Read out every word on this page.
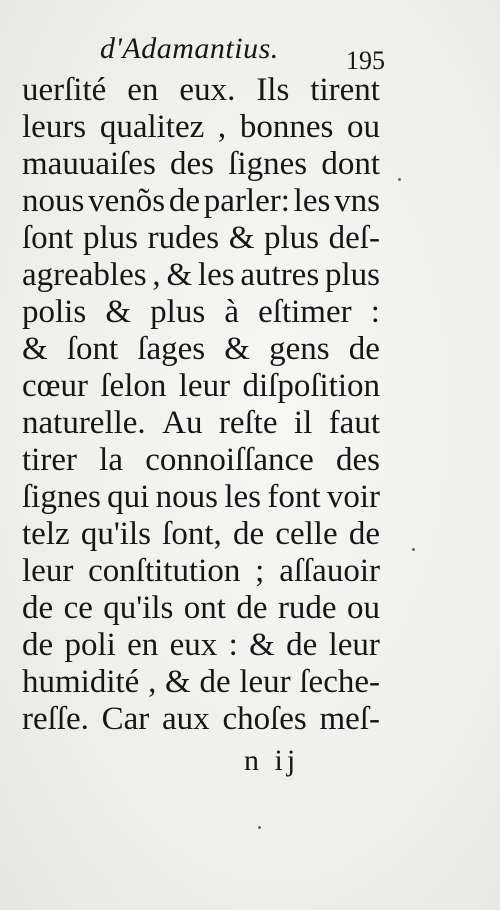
d'Adamantius.	195
uerſité en eux. Ils tirent
leurs qualitez , bonnes ou
mauuaiſes des ſignes dont
nous venõs de parler: les vns
ſont plus rudes & plus deſ-
agreables , & les autres plus
polis & plus à eſtimer :
& ſont ſages & gens de
cœur ſelon leur diſpoſition
naturelle. Au reſte il faut
tirer la connoiſſance des
ſignes qui nous les font voir
telz qu'ils ſont, de celle de
leur conſtitution ; aſſauoir
de ce qu'ils ont de rude ou
de poli en eux : & de leur
humidité , & de leur ſeche-
reſſe. Car aux choſes meſ-
n ij
